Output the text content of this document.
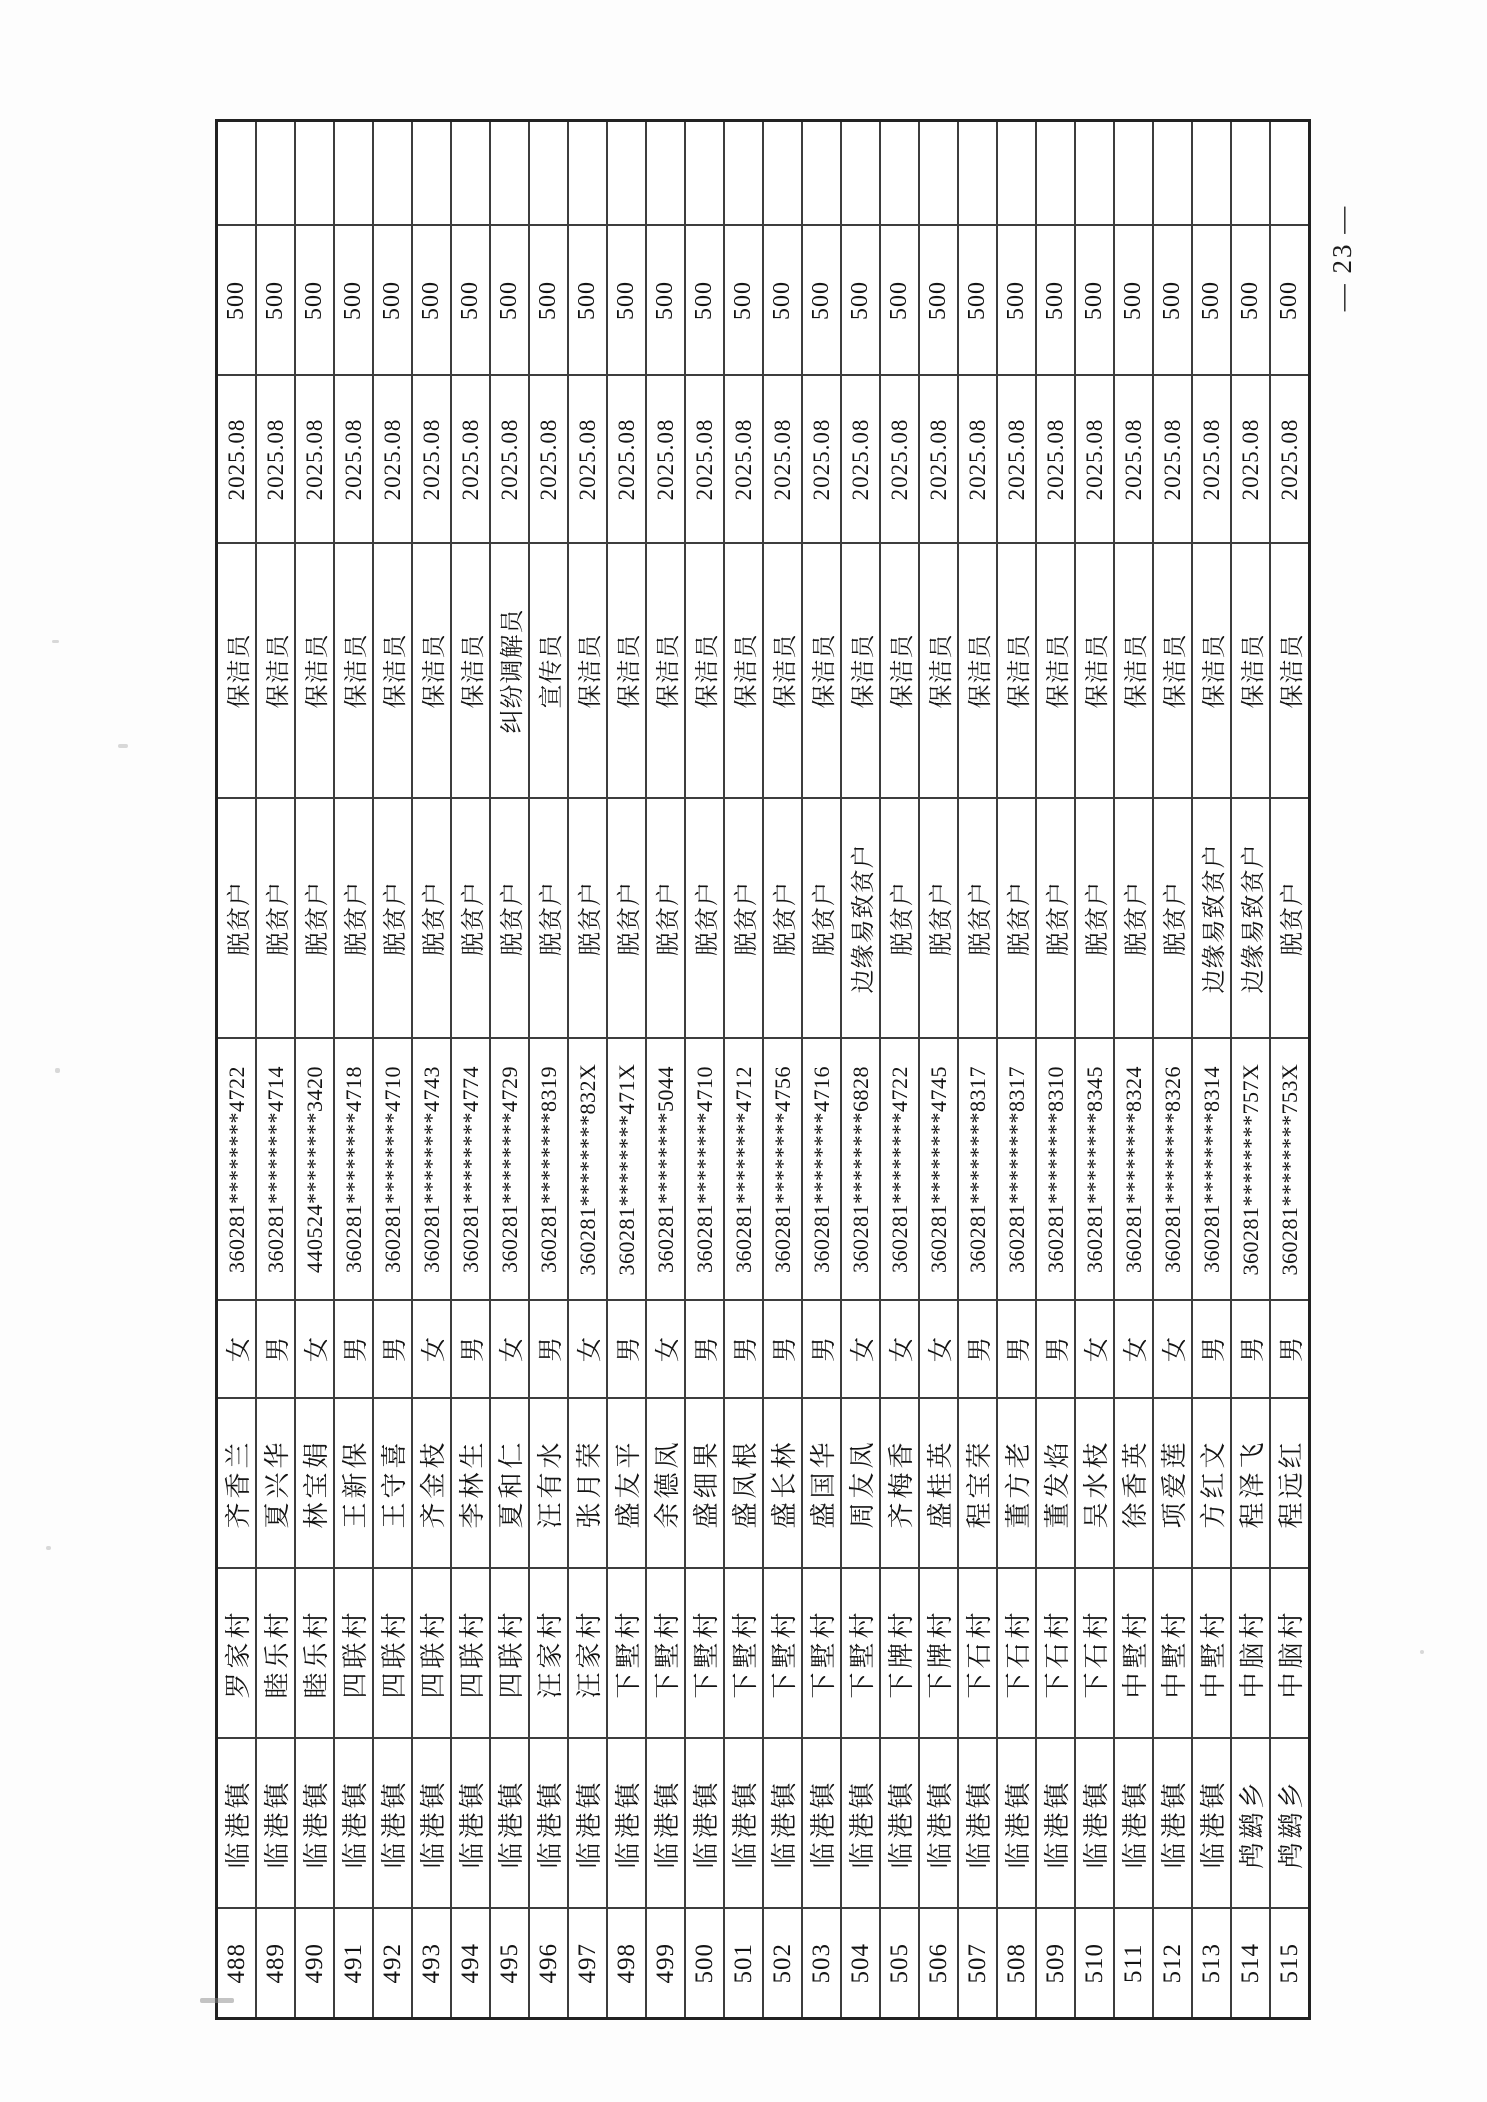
488	临港镇	罗家村	齐香兰	女	360281********4722	脱贫户	保洁员	2025.08	500	
489	临港镇	睦乐村	夏兴华	男	360281********4714	脱贫户	保洁员	2025.08	500	
490	临港镇	睦乐村	林宝娟	女	440524********3420	脱贫户	保洁员	2025.08	500	
491	临港镇	四联村	王新保	男	360281********4718	脱贫户	保洁员	2025.08	500	
492	临港镇	四联村	王守喜	男	360281********4710	脱贫户	保洁员	2025.08	500	
493	临港镇	四联村	齐金枝	女	360281********4743	脱贫户	保洁员	2025.08	500	
494	临港镇	四联村	李林生	男	360281********4774	脱贫户	保洁员	2025.08	500	
495	临港镇	四联村	夏和仁	女	360281********4729	脱贫户	纠纷调解员	2025.08	500	
496	临港镇	汪家村	汪有水	男	360281********8319	脱贫户	宣传员	2025.08	500	
497	临港镇	汪家村	张月荣	女	360281********832X	脱贫户	保洁员	2025.08	500	
498	临港镇	下墅村	盛友平	男	360281********471X	脱贫户	保洁员	2025.08	500	
499	临港镇	下墅村	余德凤	女	360281********5044	脱贫户	保洁员	2025.08	500	
500	临港镇	下墅村	盛细果	男	360281********4710	脱贫户	保洁员	2025.08	500	
501	临港镇	下墅村	盛凤根	男	360281********4712	脱贫户	保洁员	2025.08	500	
502	临港镇	下墅村	盛长林	男	360281********4756	脱贫户	保洁员	2025.08	500	
503	临港镇	下墅村	盛国华	男	360281********4716	脱贫户	保洁员	2025.08	500	
504	临港镇	下墅村	周友凤	女	360281********6828	边缘易致贫户	保洁员	2025.08	500	
505	临港镇	下牌村	齐梅香	女	360281********4722	脱贫户	保洁员	2025.08	500	
506	临港镇	下牌村	盛桂英	女	360281********4745	脱贫户	保洁员	2025.08	500	
507	临港镇	下石村	程宝荣	男	360281********8317	脱贫户	保洁员	2025.08	500	
508	临港镇	下石村	董方老	男	360281********8317	脱贫户	保洁员	2025.08	500	
509	临港镇	下石村	董发焰	男	360281********8310	脱贫户	保洁员	2025.08	500	
510	临港镇	下石村	吴水枝	女	360281********8345	脱贫户	保洁员	2025.08	500	
511	临港镇	中墅村	徐香英	女	360281********8324	脱贫户	保洁员	2025.08	500	
512	临港镇	中墅村	项爱莲	女	360281********8326	脱贫户	保洁员	2025.08	500	
513	临港镇	中墅村	方红文	男	360281********8314	边缘易致贫户	保洁员	2025.08	500	
514	鸬鹚乡	中脑村	程泽飞	男	360281********757X	边缘易致贫户	保洁员	2025.08	500	
515	鸬鹚乡	中脑村	程远红	男	360281********753X	脱贫户	保洁员	2025.08	500	— 23 —
